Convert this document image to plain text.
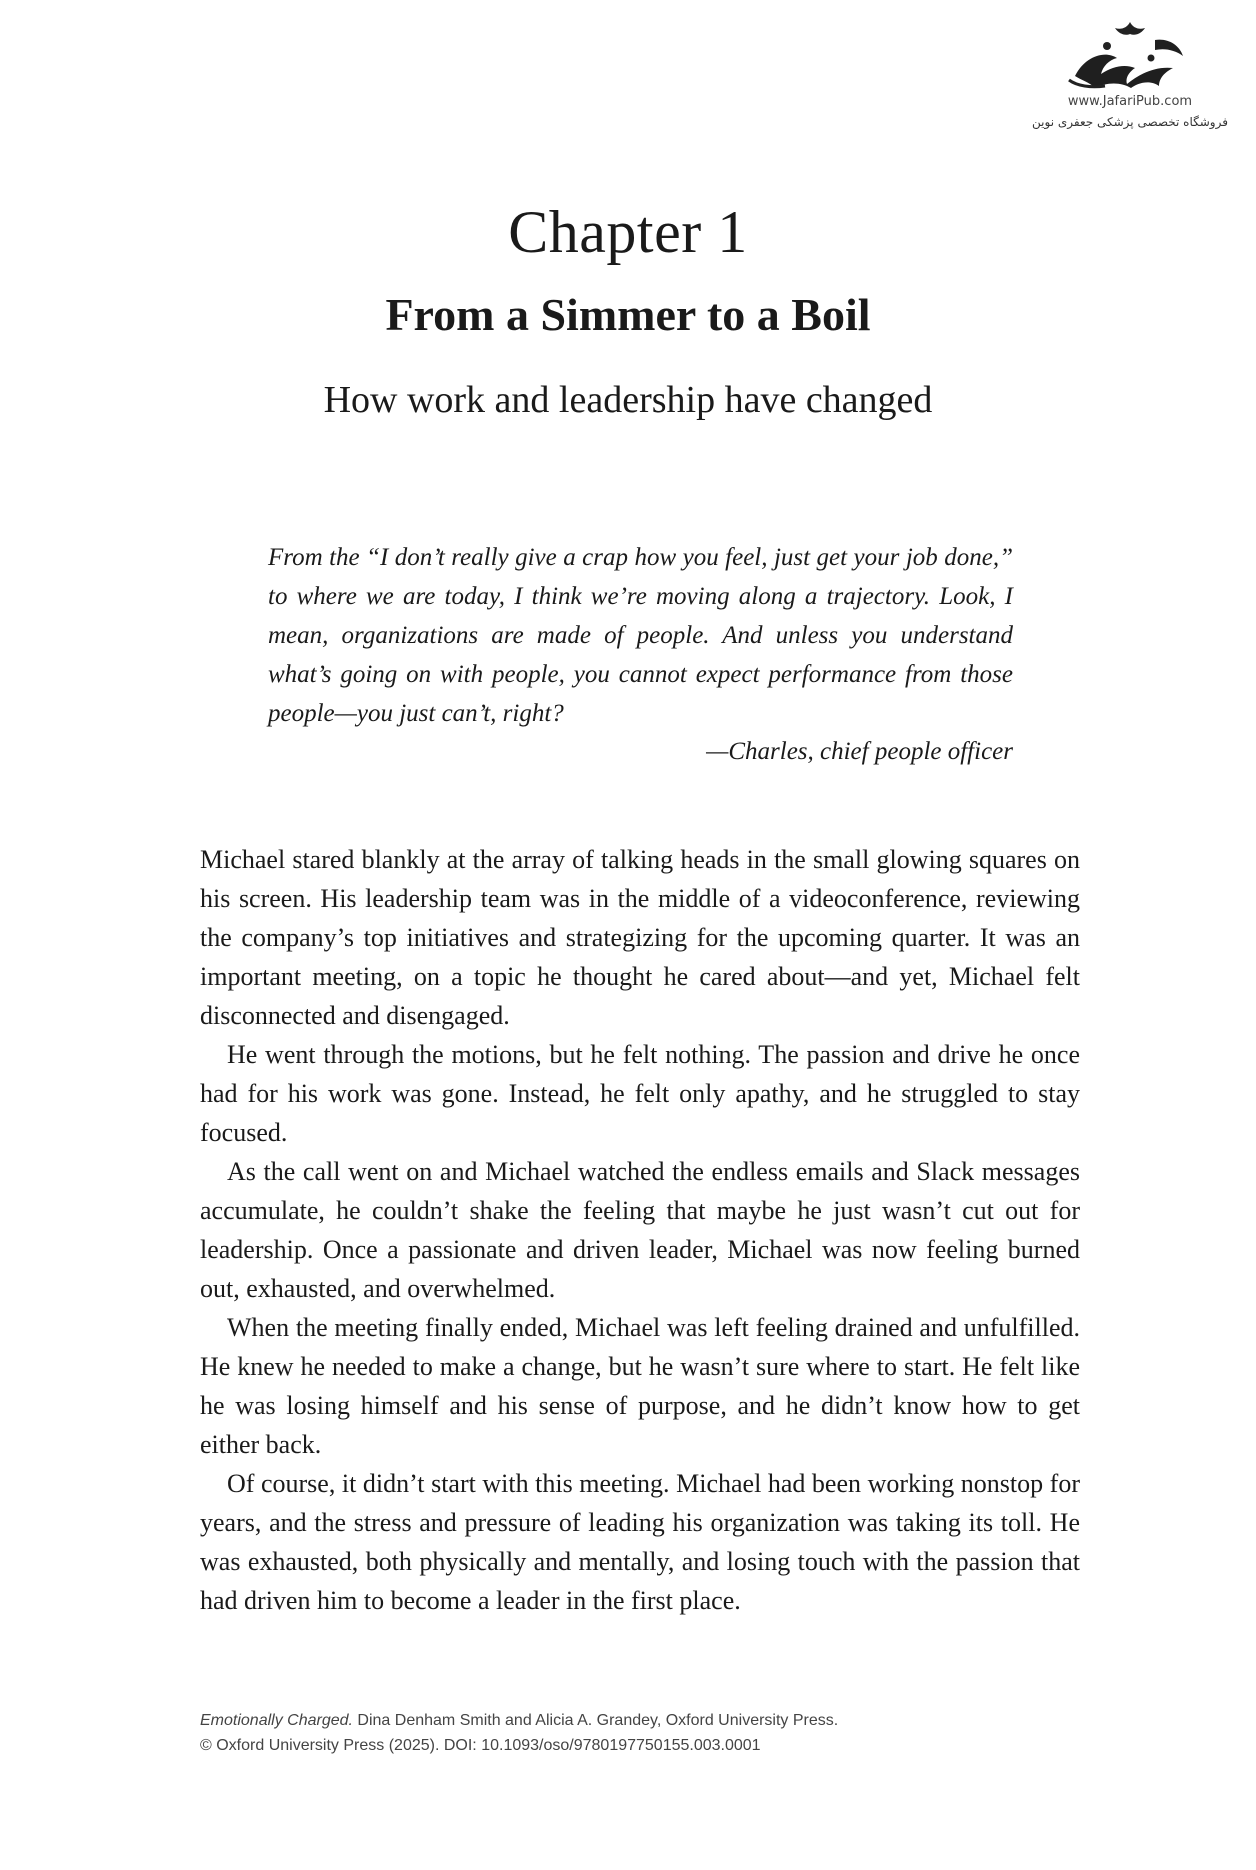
www.JafariPub.com
فروشگاه تخصصی پزشکی جعفری نوین
Chapter 1
From a Simmer to a Boil
How work and leadership have changed
From the “I don’t really give a crap how you feel, just get your job done,” to where we are today, I think we’re moving along a trajectory. Look, I mean, organizations are made of people. And unless you understand what’s going on with people, you cannot expect performance from those people—you just can’t, right?
—Charles, chief people officer

Michael stared blankly at the array of talking heads in the small glowing squares on his screen. His leadership team was in the middle of a videoconference, reviewing the company’s top initiatives and strategizing for the upcoming quarter. It was an important meeting, on a topic he thought he cared about—and yet, Michael felt disconnected and disengaged.

He went through the motions, but he felt nothing. The passion and drive he once had for his work was gone. Instead, he felt only apathy, and he struggled to stay focused.

As the call went on and Michael watched the endless emails and Slack messages accumulate, he couldn’t shake the feeling that maybe he just wasn’t cut out for leadership. Once a passionate and driven leader, Michael was now feeling burned out, exhausted, and overwhelmed.

When the meeting finally ended, Michael was left feeling drained and unfulfilled. He knew he needed to make a change, but he wasn’t sure where to start. He felt like he was losing himself and his sense of purpose, and he didn’t know how to get either back.

Of course, it didn’t start with this meeting. Michael had been working nonstop for years, and the stress and pressure of leading his organization was taking its toll. He was exhausted, both physically and mentally, and losing touch with the passion that had driven him to become a leader in the first place.

Emotionally Charged. Dina Denham Smith and Alicia A. Grandey, Oxford University Press.
© Oxford University Press (2025). DOI: 10.1093/oso/9780197750155.003.0001
